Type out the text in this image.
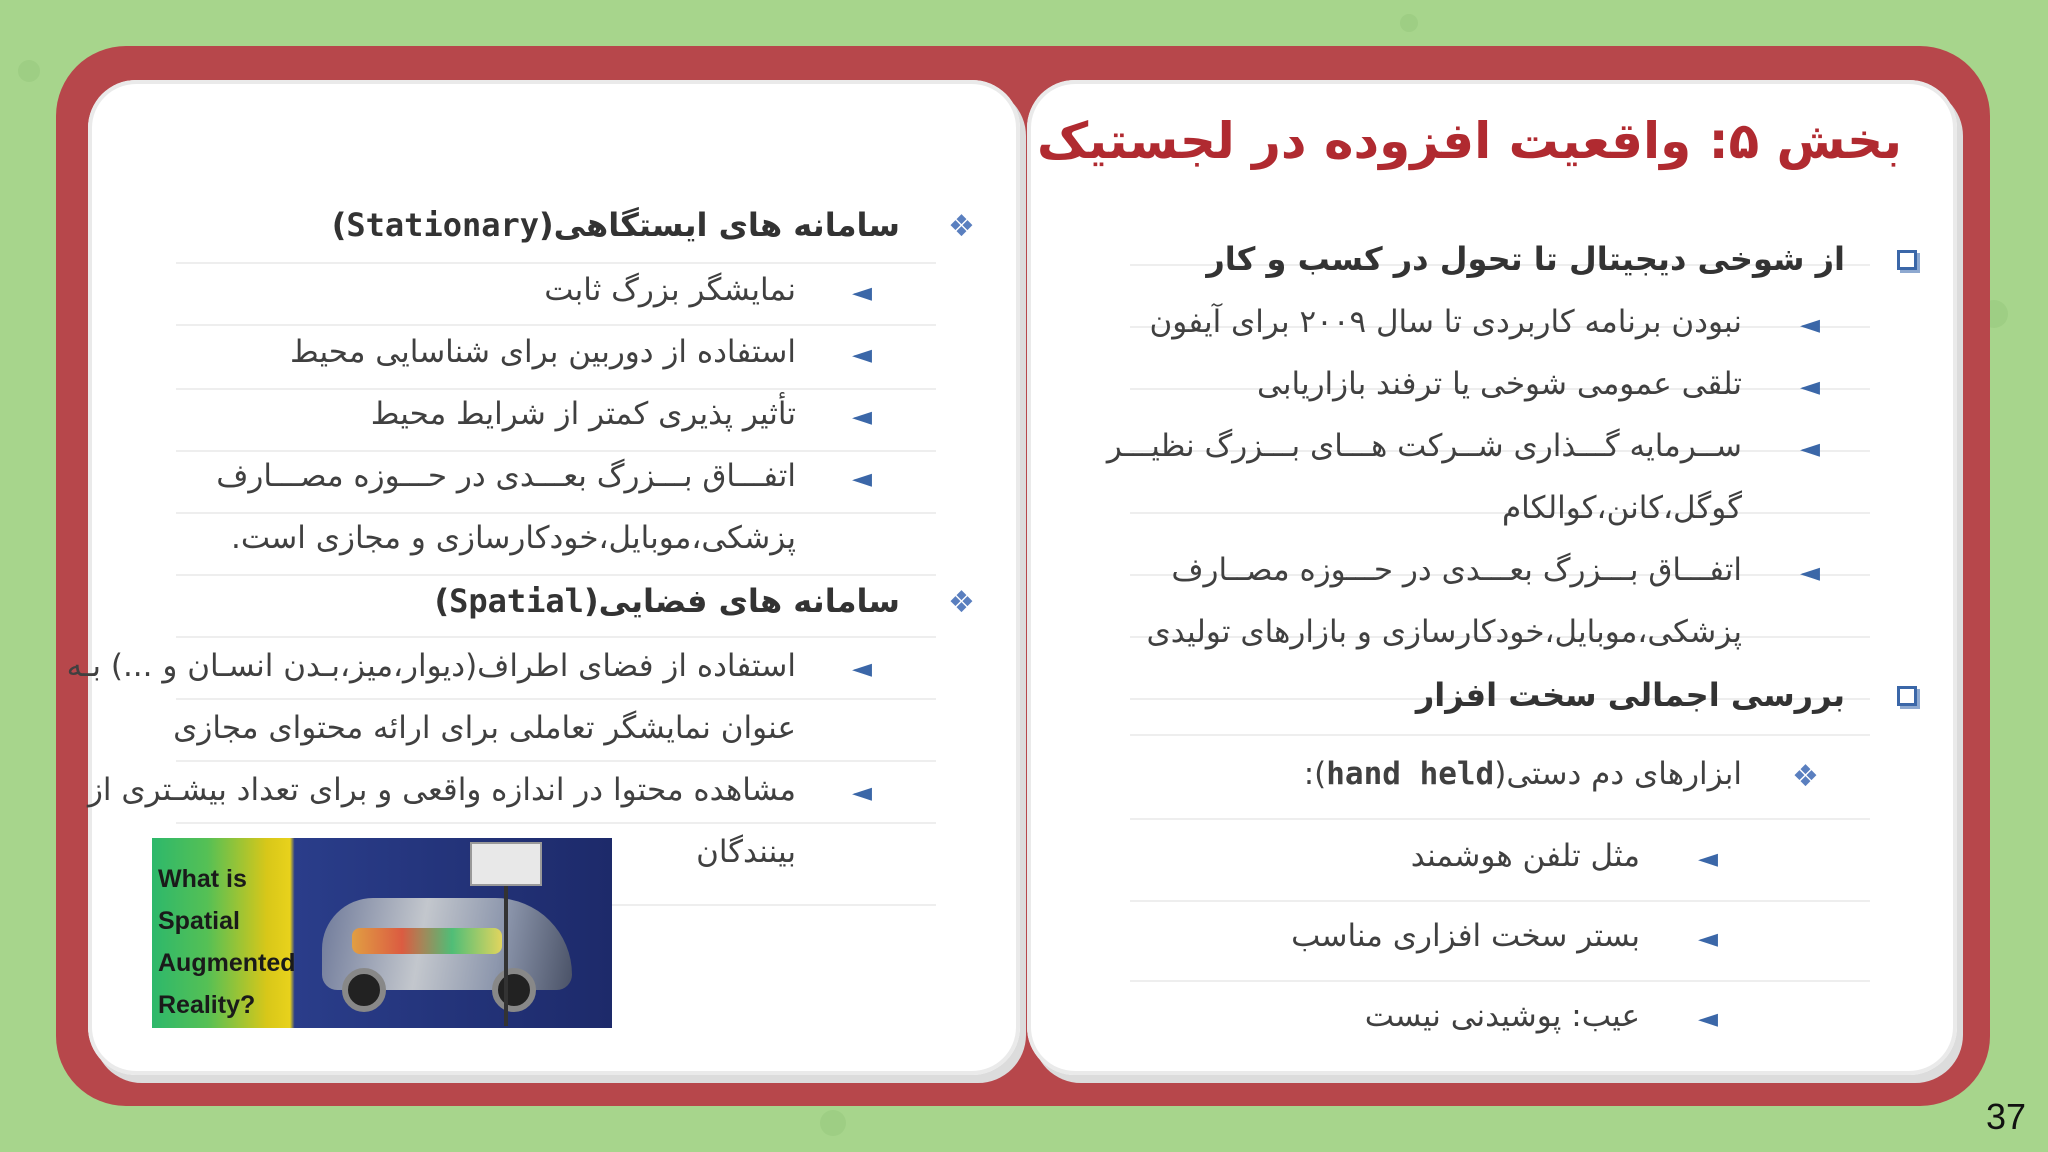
بخش ۵: واقعیت افزوده در لجستیک
از شوخی دیجیتال تا تحول در کسب و کار
◄
نبودن برنامه کاربردی تا سال ۲۰۰۹ برای آیفون
◄
تلقی عمومی شوخی یا ترفند بازاریابی
◄
ســرمایه گـــذاری شــرکت هـــای بـــزرگ نظیـــر
گوگل،کانن،کوالکام
◄
اتفـــاق بـــزرگ بعـــدی در حـــوزه مصــارف
پزشکی،موبایل،خودکارسازی و بازارهای تولیدی
بررسی اجمالی سخت افزار
❖
ابزارهای دم دستی(hand held):
◄
مثل تلفن هوشمند
◄
بستر سخت افزاری مناسب
◄
عیب: پوشیدنی نیست
❖
سامانه های ایستگاهی(Stationary)
◄
نمایشگر بزرگ ثابت
◄
استفاده از دوربین برای شناسایی محیط
◄
تأثیر پذیری کمتر از شرایط محیط
◄
اتفـــاق بـــزرگ بعـــدی در حـــوزه مصـــارف
پزشکی،موبایل،خودکارسازی و مجازی است.
❖
سامانه های فضایی(Spatial)
◄
استفاده از فضای اطراف(دیوار،میز،بـدن انسـان و ...) بـه
عنوان نمایشگر تعاملی برای ارائه محتوای مجازی
◄
مشاهده محتوا در اندازه واقعی و برای تعداد بیشـتری از
بینندگان
What is
Spatial
Augmented
Reality?
37
